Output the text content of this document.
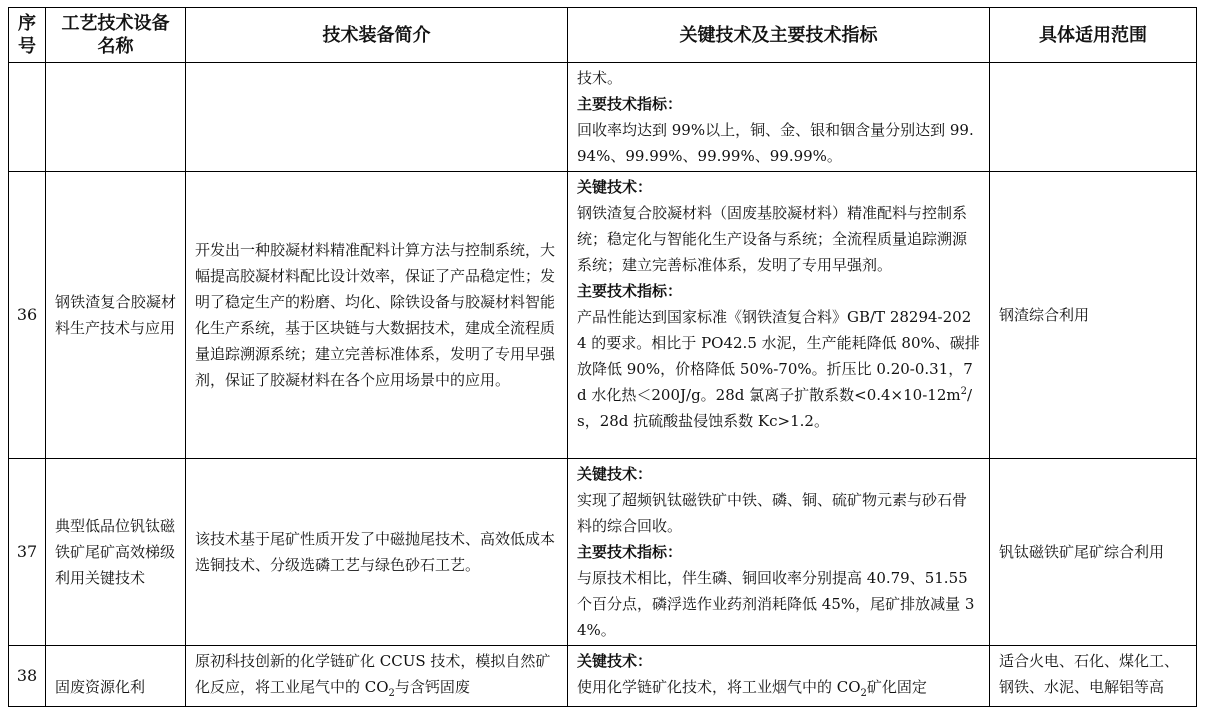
序号	工艺技术设备名称	技术装备简介	关键技术及主要技术指标	具体适用范围

			技术。
主要技术指标：
回收率均达到 99%以上，铜、金、银和铟含量分别达到 99.94%、99.99%、99.99%、99.99%。	

36	钢铁渣复合胶凝材料生产技术与应用	开发出一种胶凝材料精准配料计算方法与控制系统，大幅提高胶凝材料配比设计效率，保证了产品稳定性；发明了稳定生产的粉磨、均化、除铁设备与胶凝材料智能化生产系统，基于区块链与大数据技术，建成全流程质量追踪溯源系统；建立完善标准体系，发明了专用早强剂，保证了胶凝材料在各个应用场景中的应用。	关键技术：
钢铁渣复合胶凝材料（固废基胶凝材料）精准配料与控制系统；稳定化与智能化生产设备与系统；全流程质量追踪溯源系统；建立完善标准体系，发明了专用早强剂。
主要技术指标：
产品性能达到国家标准《钢铁渣复合料》GB/T 28294-2024 的要求。相比于 PO42.5 水泥，生产能耗降低 80%、碳排放降低 90%，价格降低 50%-70%。折压比 0.20-0.31，7d 水化热＜200J/g。28d 氯离子扩散系数$<0.4\times 10-12m^2/s$，28d 抗硫酸盐侵蚀系数 Kc>1.2。	钢渣综合利用

37	典型低品位钒钛磁铁矿尾矿高效梯级利用关键技术	该技术基于尾矿性质开发了中磁抛尾技术、高效低成本选铜技术、分级选磷工艺与绿色砂石工艺。	关键技术：
实现了超频钒钛磁铁矿中铁、磷、铜、硫矿物元素与砂石骨料的综合回收。
主要技术指标：
与原技术相比，伴生磷、铜回收率分别提高 40.79、51.55 个百分点，磷浮选作业药剂消耗降低 45%，尾矿排放减量 34%。	钒钛磁铁矿尾矿综合利用

38	固废资源化利	原初科技创新的化学链矿化 CCUS 技术，模拟自然矿化反应，将工业尾气中的 $CO_2$与含钙固废	关键技术：
使用化学链矿化技术，将工业烟气中的 $CO_2$矿化固定	适合火电、石化、煤化工、钢铁、水泥、电解铝等高
